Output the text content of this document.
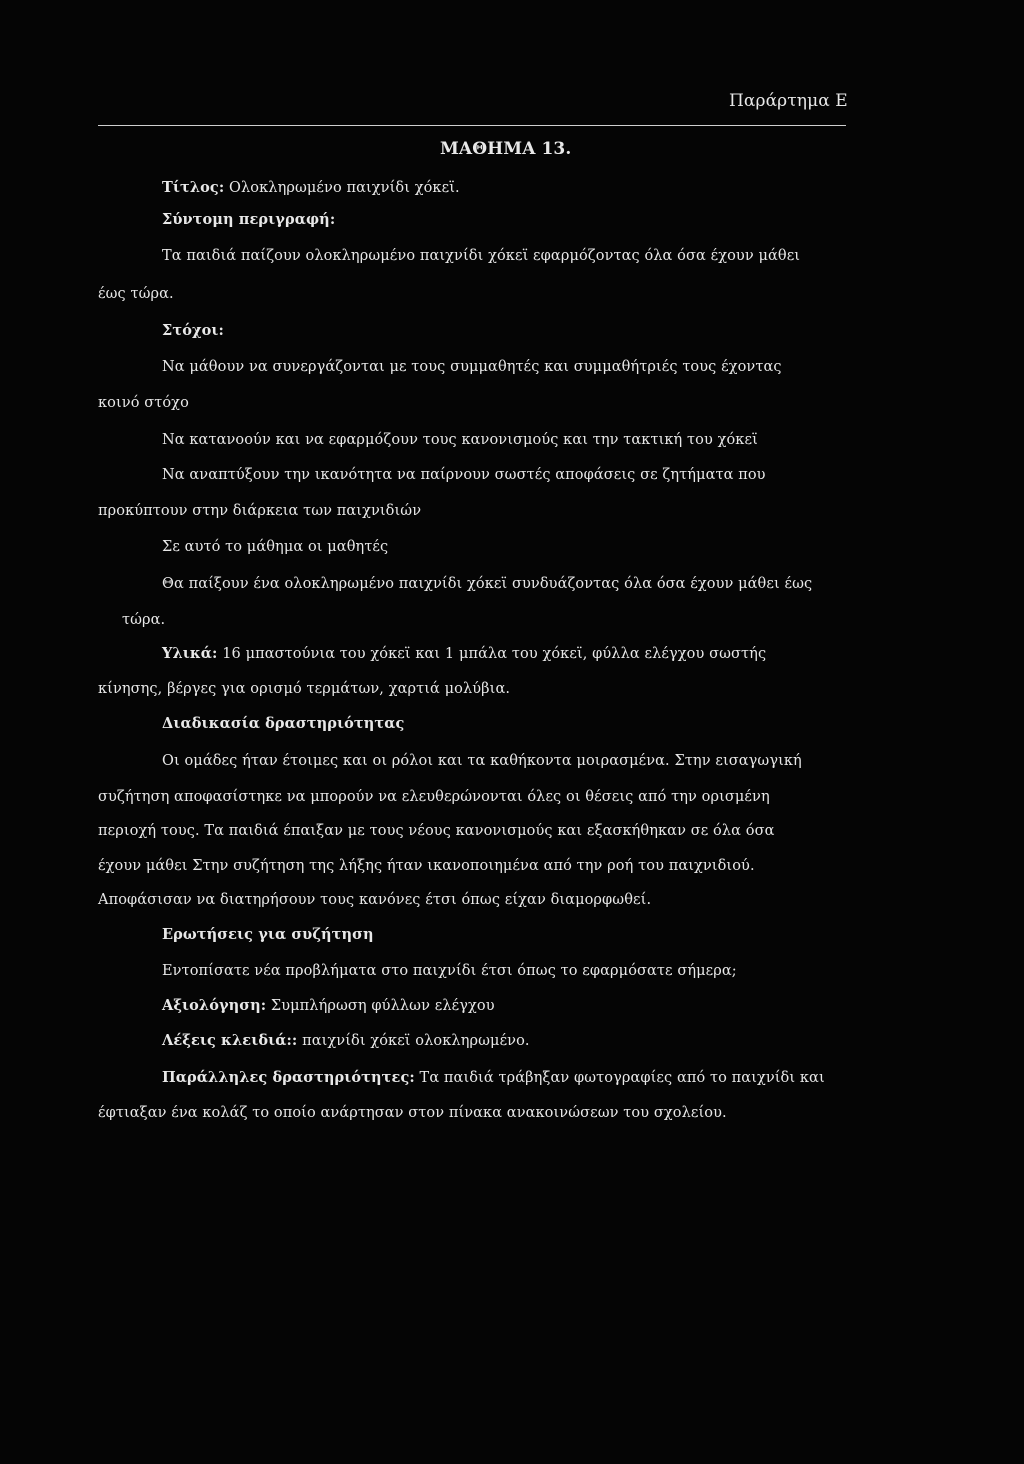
Παράρτημα Ε
ΜΑΘΗΜΑ 13.
Τίτλος: Ολοκληρωμένο παιχνίδι χόκεϊ.
Σύντομη περιγραφή:
Τα παιδιά παίζουν ολοκληρωμένο παιχνίδι χόκεϊ εφαρμόζοντας όλα όσα έχουν μάθει
έως τώρα.
Στόχοι:
Να μάθουν να συνεργάζονται με τους συμμαθητές και συμμαθήτριές τους έχοντας
κοινό στόχο
Να κατανοούν και να εφαρμόζουν τους κανονισμούς και την τακτική του χόκεϊ
Να αναπτύξουν την ικανότητα να παίρνουν σωστές αποφάσεις σε ζητήματα που
προκύπτουν στην διάρκεια των παιχνιδιών
Σε αυτό το μάθημα οι μαθητές
Θα παίξουν ένα ολοκληρωμένο παιχνίδι χόκεϊ συνδυάζοντας όλα όσα έχουν μάθει έως
τώρα.
Υλικά: 16 μπαστούνια του χόκεϊ και 1 μπάλα του χόκεϊ, φύλλα ελέγχου σωστής
κίνησης, βέργες για ορισμό τερμάτων, χαρτιά μολύβια.
Διαδικασία δραστηριότητας
Οι ομάδες ήταν έτοιμες και οι ρόλοι και τα καθήκοντα μοιρασμένα. Στην εισαγωγική
συζήτηση αποφασίστηκε να μπορούν να ελευθερώνονται όλες οι θέσεις από την ορισμένη
περιοχή τους. Τα παιδιά έπαιξαν με τους νέους κανονισμούς και εξασκήθηκαν σε όλα όσα
έχουν μάθει Στην συζήτηση της λήξης ήταν ικανοποιημένα από την ροή του παιχνιδιού.
Αποφάσισαν να διατηρήσουν τους κανόνες έτσι όπως είχαν διαμορφωθεί.
Ερωτήσεις για συζήτηση
Εντοπίσατε νέα προβλήματα στο παιχνίδι έτσι όπως το εφαρμόσατε σήμερα;
Αξιολόγηση: Συμπλήρωση φύλλων ελέγχου
Λέξεις κλειδιά:: παιχνίδι χόκεϊ ολοκληρωμένο.
Παράλληλες δραστηριότητες: Τα παιδιά τράβηξαν φωτογραφίες από το παιχνίδι και
έφτιαξαν ένα κολάζ το οποίο ανάρτησαν στον πίνακα ανακοινώσεων του σχολείου.
